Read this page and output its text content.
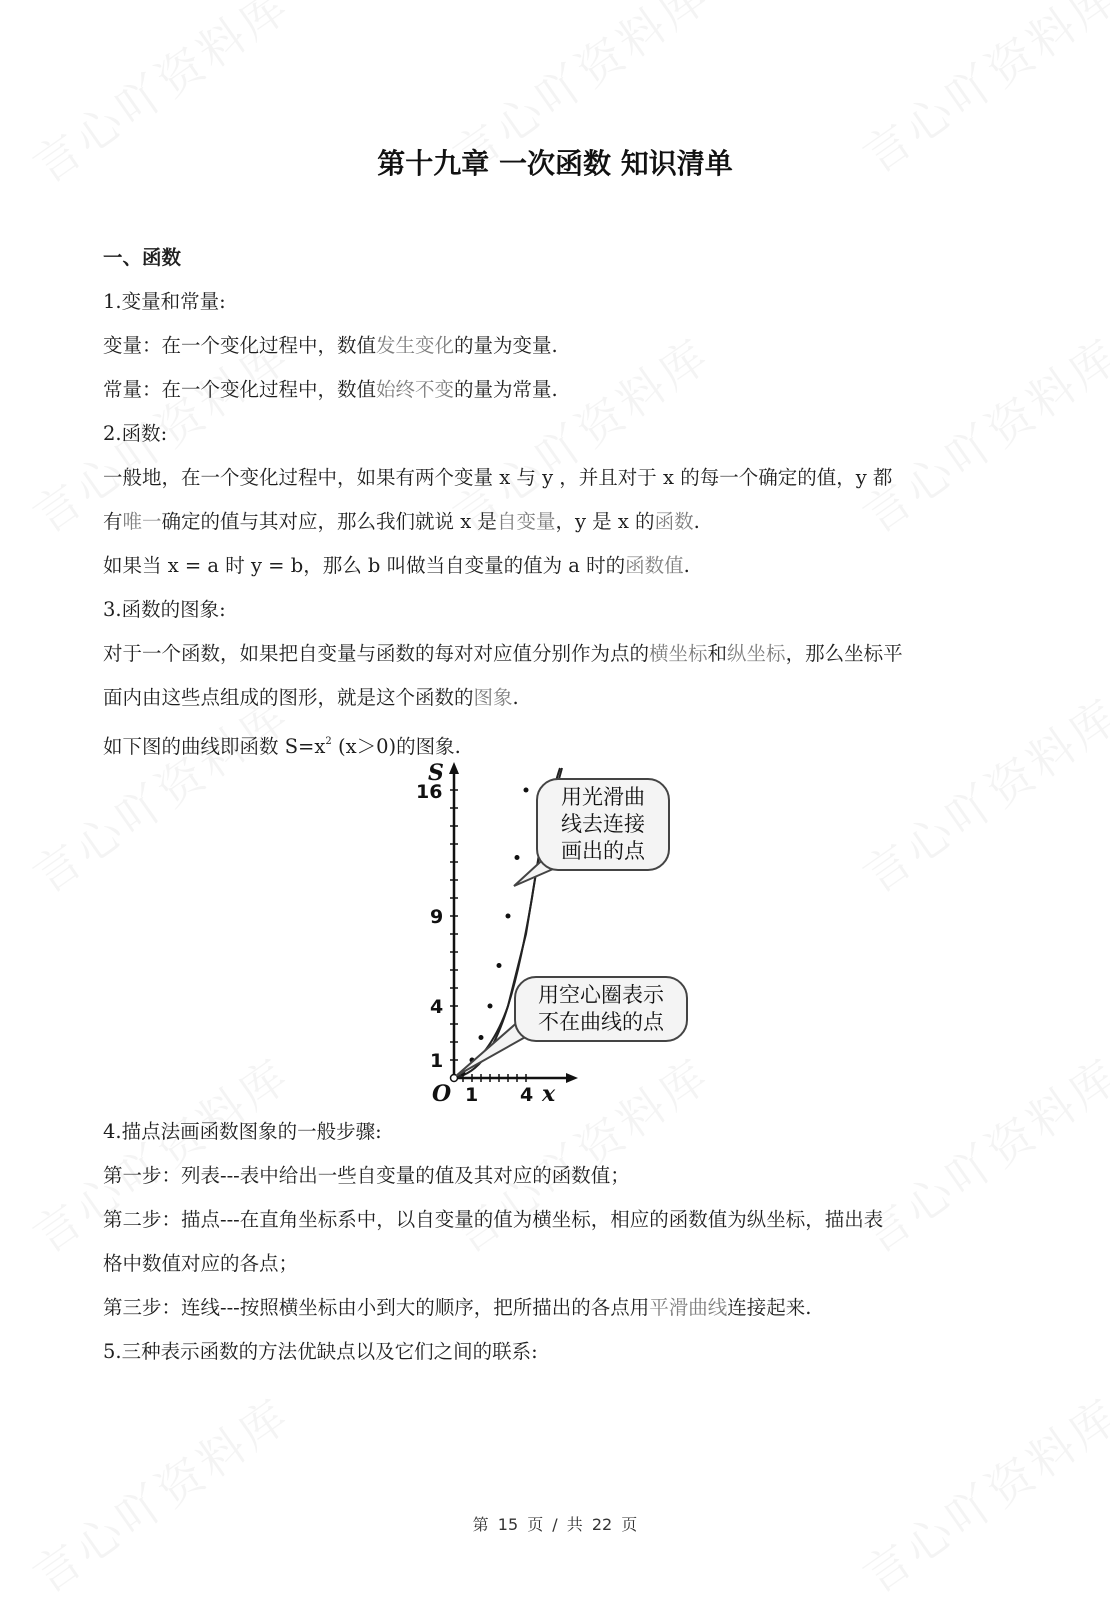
第十九章 一次函数 知识清单
一、函数
1.变量和常量:
变量：在一个变化过程中，数值发生变化的量为变量.
常量：在一个变化过程中，数值始终不变的量为常量.
2.函数:
一般地，在一个变化过程中，如果有两个变量 x 与 y ，并且对于 x 的每一个确定的值，y 都
有唯一确定的值与其对应，那么我们就说 x 是自变量，y 是 x 的函数.
如果当 x = a 时 y = b，那么 b 叫做当自变量的值为 a 时的函数值.
3.函数的图象:
对于一个函数，如果把自变量与函数的每对对应值分别作为点的横坐标和纵坐标，那么坐标平
面内由这些点组成的图形，就是这个函数的图象.
如下图的曲线即函数 $S=x^2$ (x＞0)的图象.
S
16
9
4
1
O 1 4 x
用光滑曲
线去连接
画出的点
用空心圈表示
不在曲线的点
4.描点法画函数图象的一般步骤:
第一步：列表---表中给出一些自变量的值及其对应的函数值；
第二步：描点---在直角坐标系中，以自变量的值为横坐标，相应的函数值为纵坐标，描出表
格中数值对应的各点；
第三步：连线---按照横坐标由小到大的顺序，把所描出的各点用平滑曲线连接起来.
5.三种表示函数的方法优缺点以及它们之间的联系:
第 15 页 / 共 22 页
